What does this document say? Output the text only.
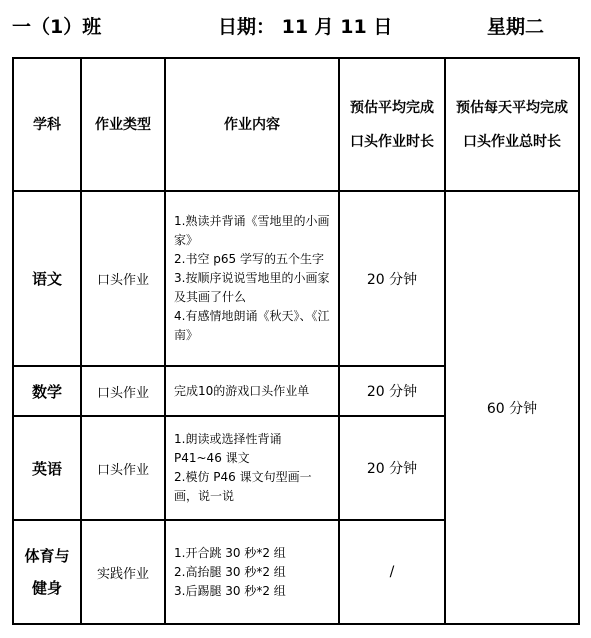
一（1）班	日期： 11 月 11 日	星期二
学科	作业类型	作业内容	预估平均完成口头作业时长	预估每天平均完成口头作业总时长
语文	口头作业	1.熟读并背诵《雪地里的小画家》
2.书空 p65 学写的五个生字
3.按顺序说说雪地里的小画家及其画了什么
4.有感情地朗诵《秋天》、《江南》	20 分钟	60 分钟
数学	口头作业	完成10的游戏口头作业单	20 分钟	
英语	口头作业	1.朗读或选择性背诵 P41~46 课文
2.模仿 P46 课文句型画一画，说一说	20 分钟	
体育与健身	实践作业	1.开合跳 30 秒*2 组
2.高抬腿 30 秒*2 组
3.后踢腿 30 秒*2 组	/	
